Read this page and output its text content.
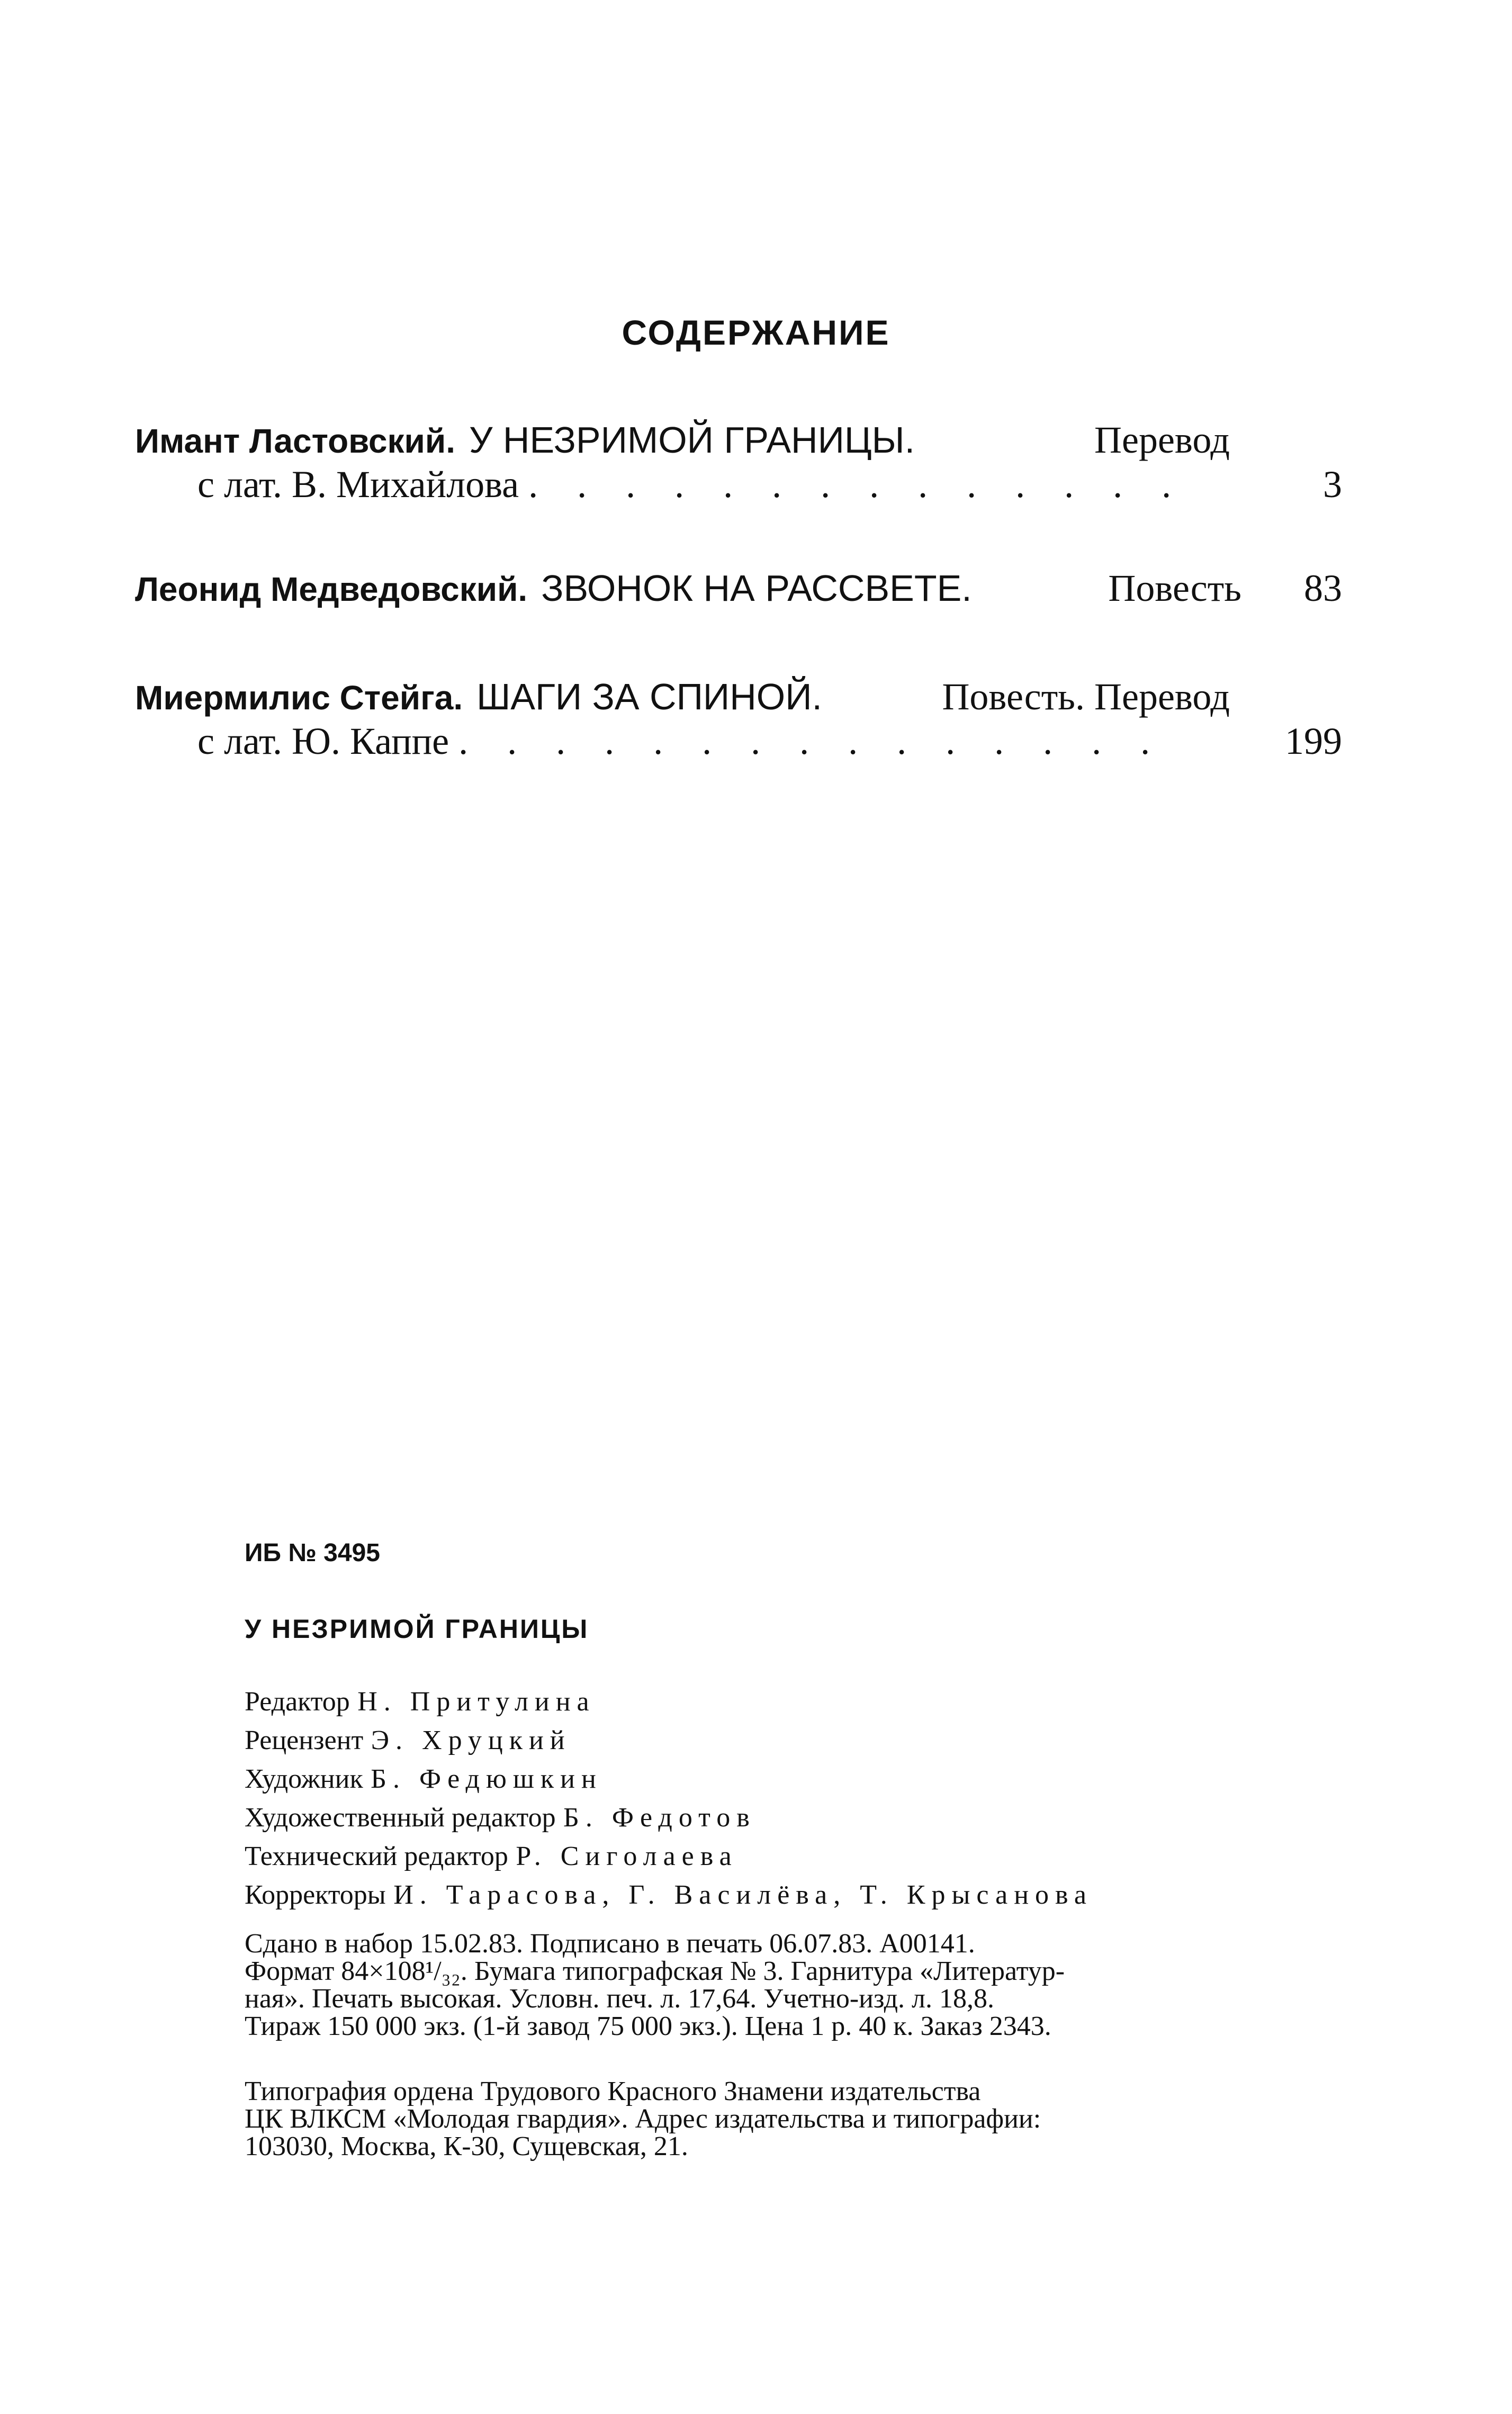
СОДЕРЖАНИЕ
Имант Ластовский. У НЕЗРИМОЙ ГРАНИЦЫ.	Перевод
с лат. В. Михайлова . . . . . . . . . . . . . .	3
Леонид Медведовский. ЗВОНОК НА РАССВЕТЕ.	Повесть	83
Миермилис Стейга. ШАГИ ЗА СПИНОЙ.	Повесть. Перевод
с лат. Ю. Каппе . . . . . . . . . . . . . . .	199
ИБ № 3495
У НЕЗРИМОЙ ГРАНИЦЫ
Редактор Н. Притулина
Рецензент Э. Хруцкий
Художник Б. Федюшкин
Художественный редактор Б. Федотов
Технический редактор Р. Сиголаева
Корректоры И. Тарасова, Г. Василёва, Т. Крысанова
Сдано в набор 15.02.83. Подписано в печать 06.07.83. А00141.
Формат 84×108¹/₃₂. Бумага типографская № 3. Гарнитура «Литератур-
ная». Печать высокая. Условн. печ. л. 17,64. Учетно-изд. л. 18,8.
Тираж 150 000 экз. (1-й завод 75 000 экз.). Цена 1 р. 40 к. Заказ 2343.
Типография ордена Трудового Красного Знамени издательства
ЦК ВЛКСМ «Молодая гвардия». Адрес издательства и типографии:
103030, Москва, К-30, Сущевская, 21.
